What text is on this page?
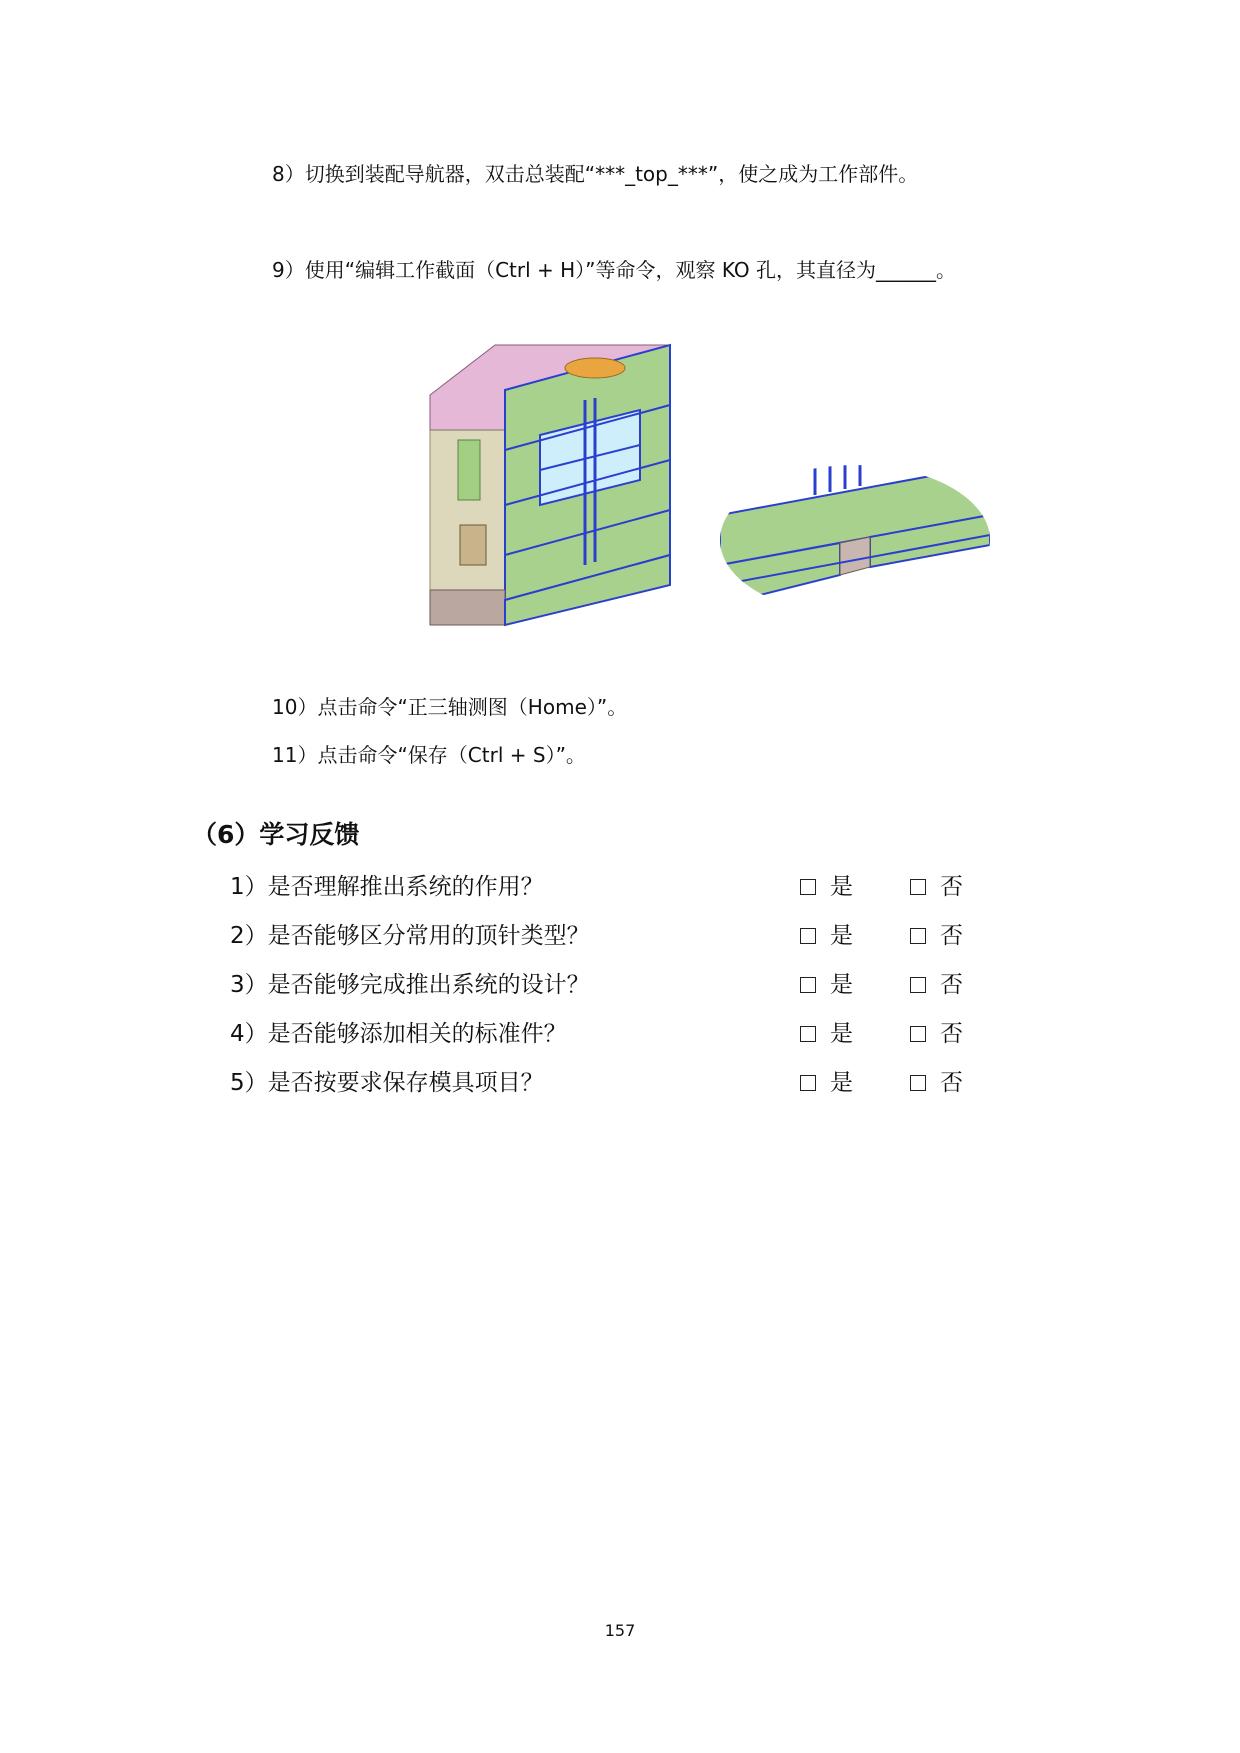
8）切换到装配导航器，双击总装配“***_top_***”，使之成为工作部件。
9）使用“编辑工作截面（Ctrl + H）”等命令，观察 KO 孔，其直径为______。
10）点击命令“正三轴测图（Home）”。
11）点击命令“保存（Ctrl + S）”。
（6）学习反馈
1）是否理解推出系统的作用？	是	否
2）是否能够区分常用的顶针类型？	是	否
3）是否能够完成推出系统的设计？	是	否
4）是否能够添加相关的标准件？	是	否
5）是否按要求保存模具项目？	是	否
157
